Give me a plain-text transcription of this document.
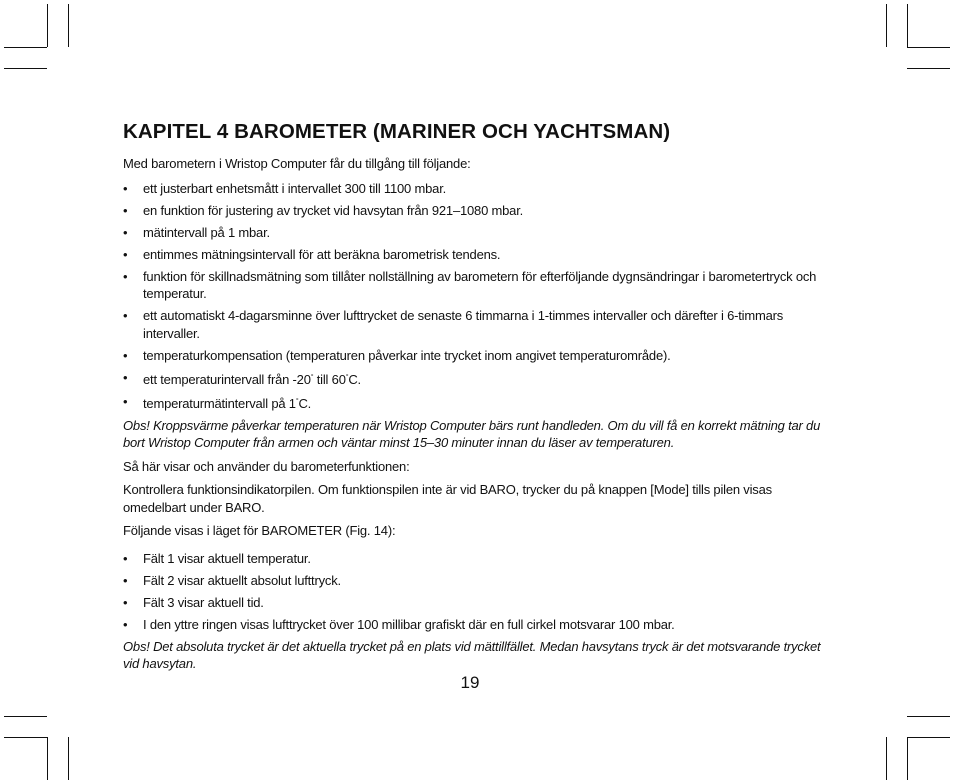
KAPITEL 4 BAROMETER (MARINER OCH YACHTSMAN)

Med barometern i Wristop Computer får du tillgång till följande:

• ett justerbart enhetsmått i intervallet 300 till 1100 mbar.
• en funktion för justering av trycket vid havsytan från 921–1080 mbar.
• mätintervall på 1 mbar.
• entimmes mätningsintervall för att beräkna barometrisk tendens.
• funktion för skillnadsmätning som tillåter nollställning av barometern för efterföljande dygnsändringar i barometertryck och temperatur.
• ett automatiskt 4-dagarsminne över lufttrycket de senaste 6 timmarna i 1-timmes intervaller och därefter i 6-timmars intervaller.
• temperaturkompensation (temperaturen påverkar inte trycket inom angivet temperaturområde).
• ett temperaturintervall från -20° till 60°C.
• temperaturmätintervall på 1°C.

Obs! Kroppsvärme påverkar temperaturen när Wristop Computer bärs runt handleden. Om du vill få en korrekt mätning tar du bort Wristop Computer från armen och väntar minst 15–30 minuter innan du läser av temperaturen.

Så här visar och använder du barometerfunktionen:

Kontrollera funktionsindikatorpilen. Om funktionspilen inte är vid BARO, trycker du på knappen [Mode] tills pilen visas omedelbart under BARO.

Följande visas i läget för BAROMETER (Fig. 14):

• Fält 1 visar aktuell temperatur.
• Fält 2 visar aktuellt absolut lufttryck.
• Fält 3 visar aktuell tid.
• I den yttre ringen visas lufttrycket över 100 millibar grafiskt där en full cirkel motsvarar 100 mbar.

Obs! Det absoluta trycket är det aktuella trycket på en plats vid mättillfället. Medan havsytans tryck är det motsvarande trycket vid havsytan.

19
